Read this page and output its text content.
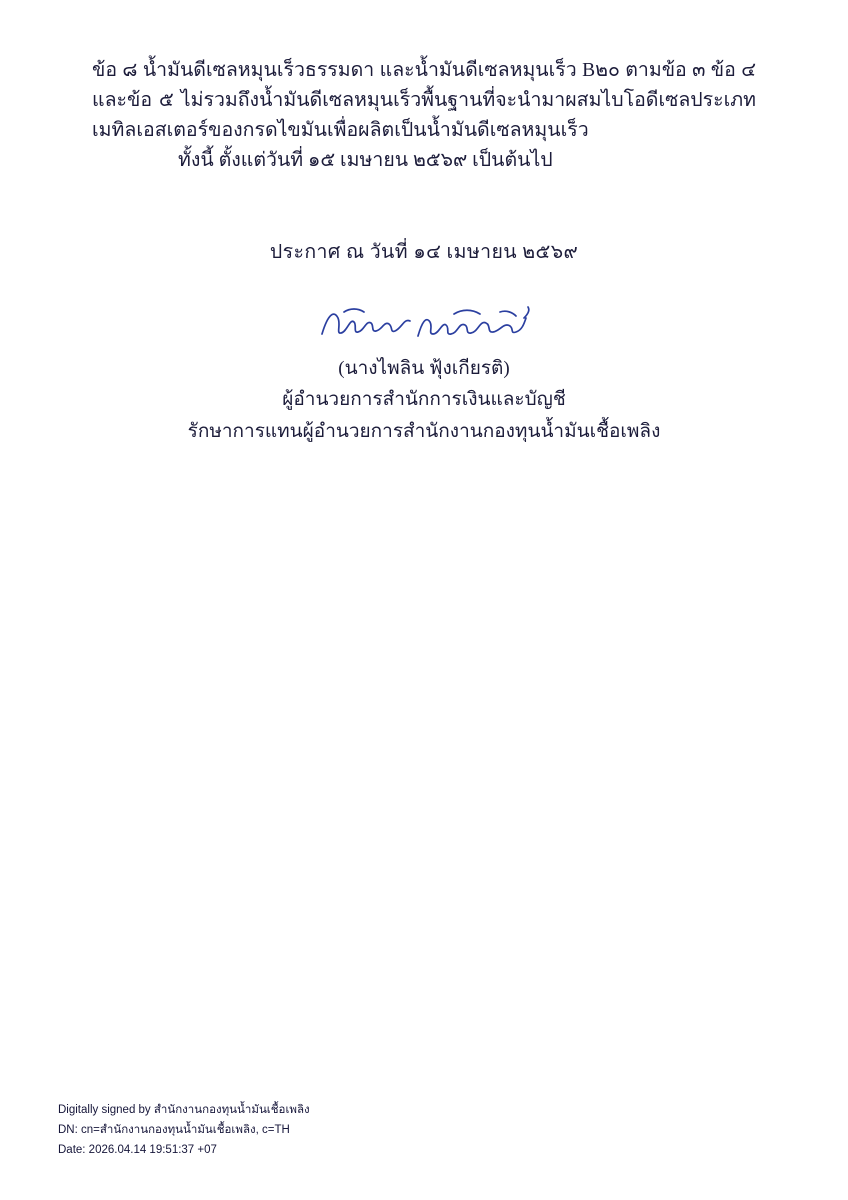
ข้อ ๘ น้ำมันดีเซลหมุนเร็วธรรมดา และน้ำมันดีเซลหมุนเร็ว B๒๐ ตามข้อ ๓ ข้อ ๔ และข้อ ๕ ไม่รวมถึงน้ำมันดีเซลหมุนเร็วพื้นฐานที่จะนำมาผสมไบโอดีเซลประเภทเมทิลเอสเตอร์ของกรดไขมันเพื่อผลิตเป็นน้ำมันดีเซลหมุนเร็ว

ทั้งนี้ ตั้งแต่วันที่ ๑๕ เมษายน ๒๕๖๙ เป็นต้นไป

ประกาศ ณ วันที่ ๑๔ เมษายน ๒๕๖๙
(นางไพลิน ฟุ้งเกียรติ)
ผู้อำนวยการสำนักการเงินและบัญชี
รักษาการแทนผู้อำนวยการสำนักงานกองทุนน้ำมันเชื้อเพลิง
Digitally signed by สำนักงานกองทุนน้ำมันเชื้อเพลิง
DN: cn=สำนักงานกองทุนน้ำมันเชื้อเพลิง, c=TH
Date: 2026.04.14 19:51:37 +07
